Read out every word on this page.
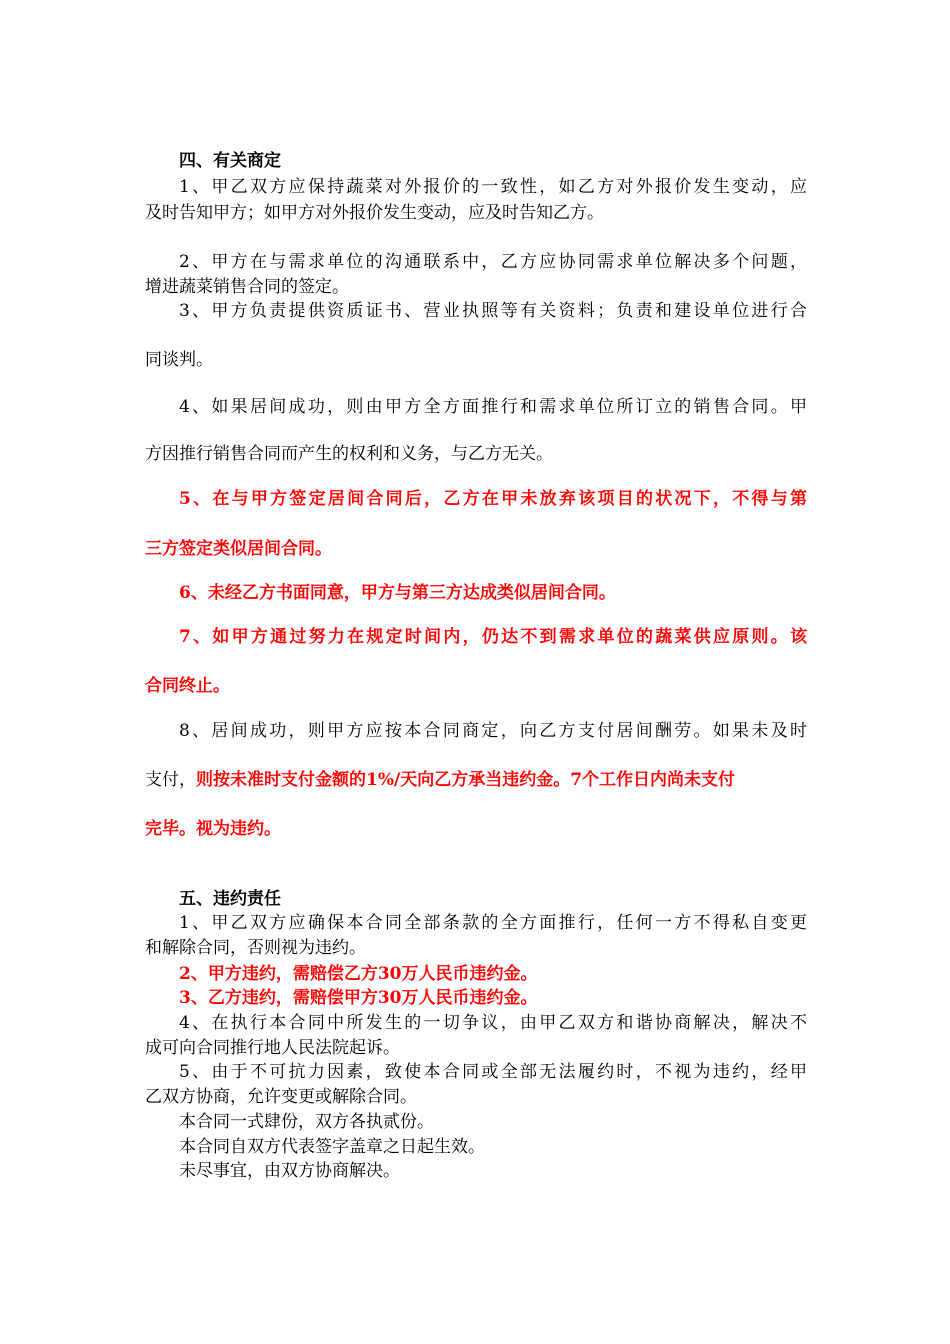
四、有关商定
1、甲乙双方应保持蔬菜对外报价的一致性，如乙方对外报价发生变动，应
及时告知甲方；如甲方对外报价发生变动，应及时告知乙方。
2、甲方在与需求单位的沟通联系中，乙方应协同需求单位解决多个问题，
增进蔬菜销售合同的签定。
3、甲方负责提供资质证书、营业执照等有关资料；负责和建设单位进行合
同谈判。
4、如果居间成功，则由甲方全方面推行和需求单位所订立的销售合同。甲
方因推行销售合同而产生的权利和义务，与乙方无关。
5、在与甲方签定居间合同后，乙方在甲未放弃该项目的状况下，不得与第
三方签定类似居间合同。
6、未经乙方书面同意，甲方与第三方达成类似居间合同。
7、如甲方通过努力在规定时间内，仍达不到需求单位的蔬菜供应原则。该
合同终止。
8、居间成功，则甲方应按本合同商定，向乙方支付居间酬劳。如果未及时
支付，则按未准时支付金额的1%/天向乙方承当违约金。7个工作日内尚未支付
完毕。视为违约。
五、违约责任
1、甲乙双方应确保本合同全部条款的全方面推行，任何一方不得私自变更
和解除合同，否则视为违约。
2、甲方违约，需赔偿乙方30万人民币违约金。
3、乙方违约，需赔偿甲方30万人民币违约金。
4、在执行本合同中所发生的一切争议，由甲乙双方和谐协商解决，解决不
成可向合同推行地人民法院起诉。
5、由于不可抗力因素，致使本合同或全部无法履约时，不视为违约，经甲
乙双方协商，允许变更或解除合同。
本合同一式肆份，双方各执贰份。
本合同自双方代表签字盖章之日起生效。
未尽事宜，由双方协商解决。
